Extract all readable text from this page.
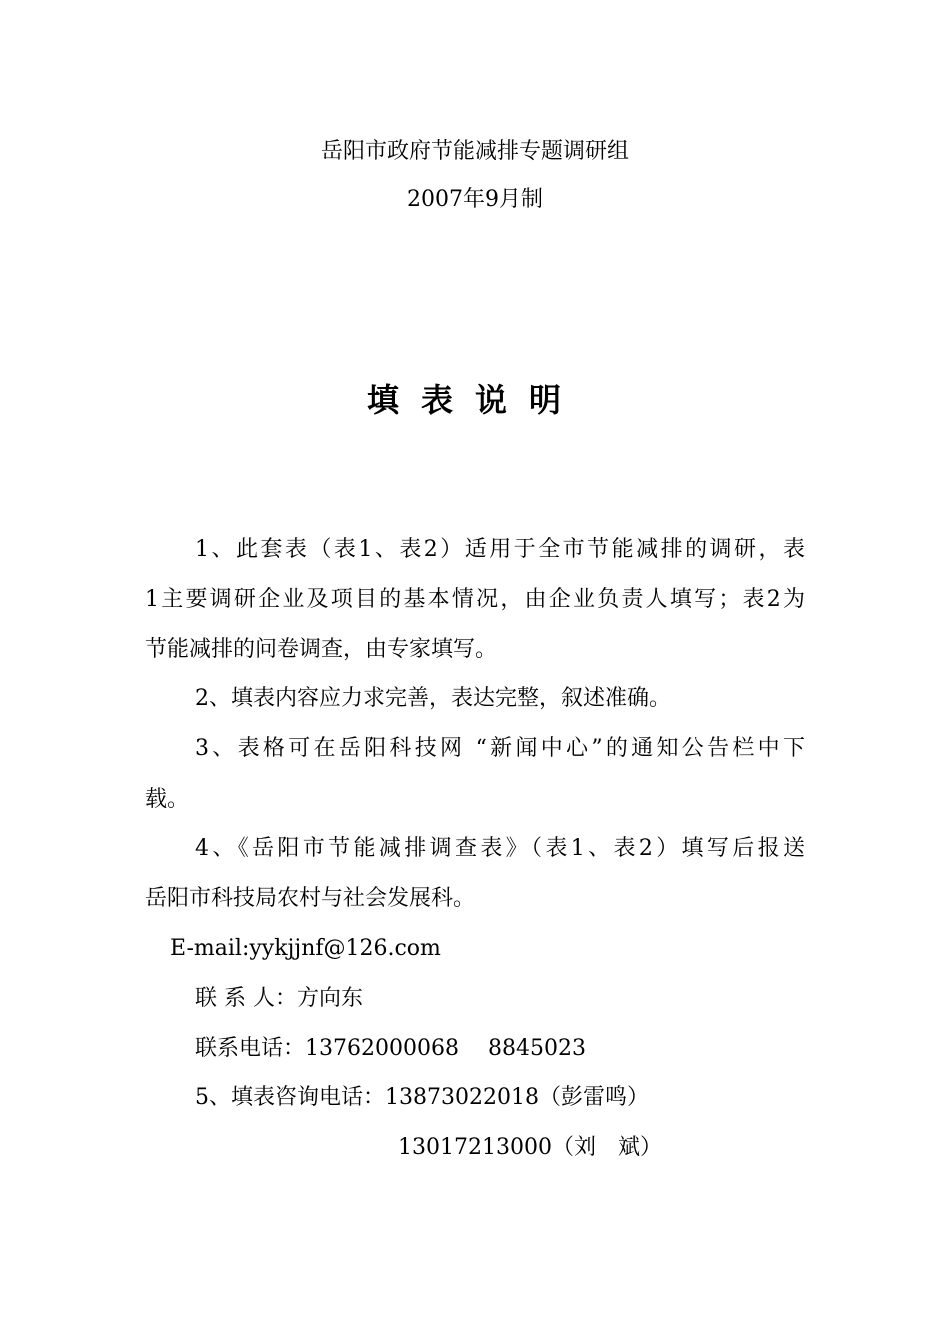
岳阳市政府节能减排专题调研组
2007年9月制
填表说明
1、此套表（表1、表2）适用于全市节能减排的调研，表
1主要调研企业及项目的基本情况，由企业负责人填写；表2为
节能减排的问卷调查，由专家填写。
2、填表内容应力求完善，表达完整，叙述准确。
3、表格可在岳阳科技网 “新闻中心”的通知公告栏中下
载。
4、《岳阳市节能减排调查表》（表1、表2）填写后报送
岳阳市科技局农村与社会发展科。
E-mail:yykjjnf@126.com
联 系 人：方向东
联系电话：13762000068　 8845023
5、填表咨询电话：13873022018（彭雷鸣）
13017213000（刘　斌）
